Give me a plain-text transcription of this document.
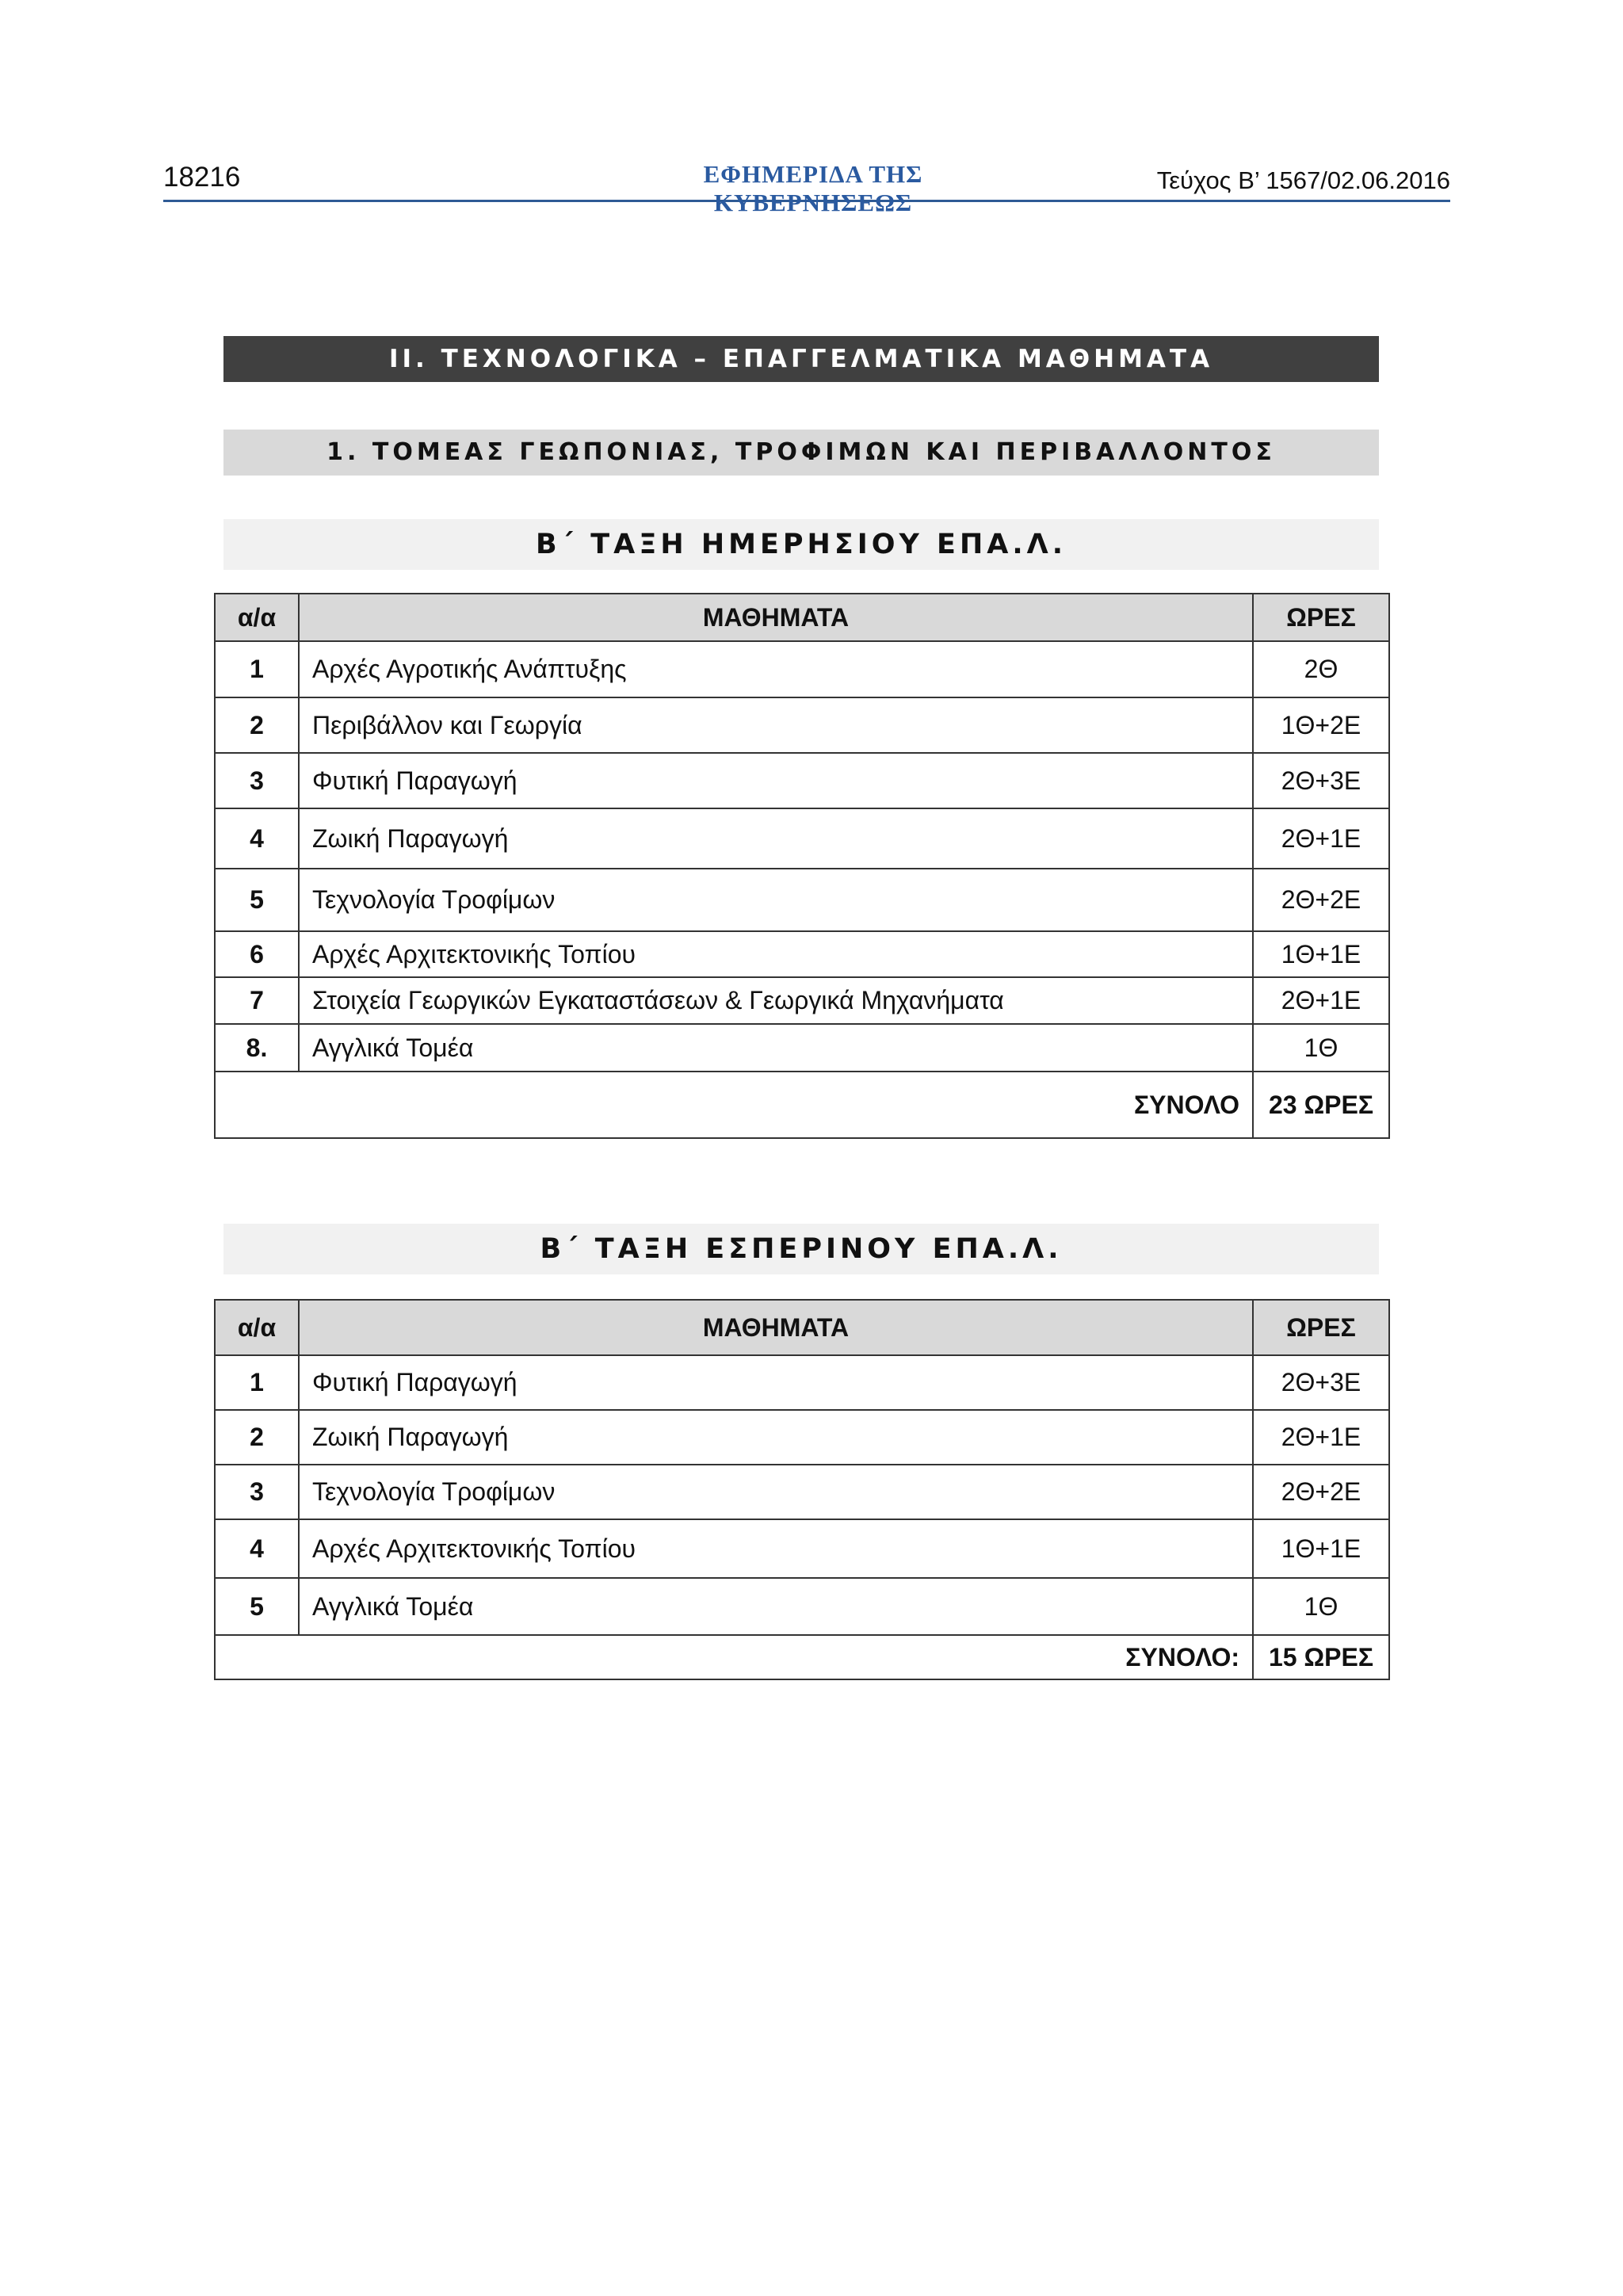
18216	ΕΦΗΜΕΡΙΔΑ ΤΗΣ ΚΥΒΕΡΝΗΣΕΩΣ
Τεύχος Β’ 1567/02.06.2016
ΙΙ. ΤΕΧΝΟΛΟΓΙΚΑ – ΕΠΑΓΓΕΛΜΑΤΙΚΑ ΜΑΘΗΜΑΤΑ
1. ΤΟΜΕΑΣ ΓΕΩΠΟΝΙΑΣ, ΤΡΟΦΙΜΩΝ ΚΑΙ ΠΕΡΙΒΑΛΛΟΝΤΟΣ
Β΄ ΤΑΞΗ ΗΜΕΡΗΣΙΟΥ ΕΠΑ.Λ.
α/α	ΜΑΘΗΜΑΤΑ	ΩΡΕΣ
1	Αρχές Αγροτικής Ανάπτυξης	2Θ
2	Περιβάλλον και Γεωργία	1Θ+2Ε
3	Φυτική Παραγωγή	2Θ+3Ε
4	Ζωική Παραγωγή	2Θ+1Ε
5	Τεχνολογία Τροφίμων	2Θ+2Ε
6	Αρχές Αρχιτεκτονικής Τοπίου	1Θ+1Ε
7	Στοιχεία Γεωργικών Εγκαταστάσεων & Γεωργικά Μηχανήματα	2Θ+1Ε
8.	Αγγλικά Τομέα	1Θ
ΣΥΝΟΛΟ		23 ΩΡΕΣ
Β΄ ΤΑΞΗ ΕΣΠΕΡΙΝΟΥ ΕΠΑ.Λ.
α/α	ΜΑΘΗΜΑΤΑ	ΩΡΕΣ
1	Φυτική Παραγωγή	2Θ+3Ε
2	Ζωική Παραγωγή	2Θ+1Ε
3	Τεχνολογία Τροφίμων	2Θ+2Ε
4	Αρχές Αρχιτεκτονικής Τοπίου	1Θ+1Ε
5	Αγγλικά Τομέα	1Θ
ΣΥΝΟΛΟ:		15 ΩΡΕΣ
